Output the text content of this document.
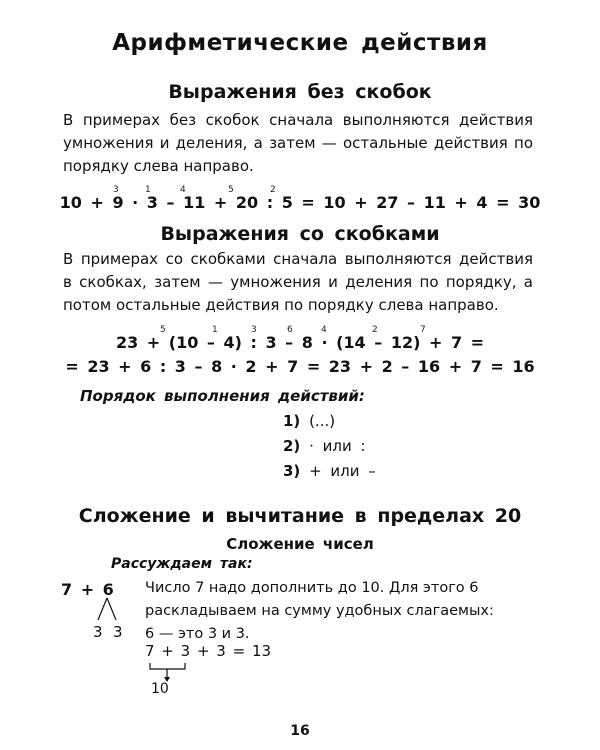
Арифметические действия
Выражения без скобок
В примерах без скобок сначала выполняются действия
умножения и деления, а затем — остальные действия по
порядку слева направо.
3	1	4	5	2
10 + 9 · 3 – 11 + 20 : 5 = 10 + 27 – 11 + 4 = 30
Выражения со скобками
В примерах со скобками сначала выполняются действия
в скобках, затем — умножения и деления по порядку, а
потом остальные действия по порядку слева направо.
5	1	3	6	4	2	7
23 + (10 – 4) : 3 – 8 · (14 – 12) + 7 =
= 23 + 6 : 3 – 8 · 2 + 7 = 23 + 2 – 16 + 7 = 16
Порядок выполнения действий:
1) (...)
2) · или :
3) + или –
Сложение и вычитание в пределах 20
Сложение чисел
Рассуждаем так:
7 + 6
3 3
Число 7 надо дополнить до 10. Для этого 6
раскладываем на сумму удобных слагаемых:
6 — это 3 и 3.
7 + 3 + 3 = 13
10
16
